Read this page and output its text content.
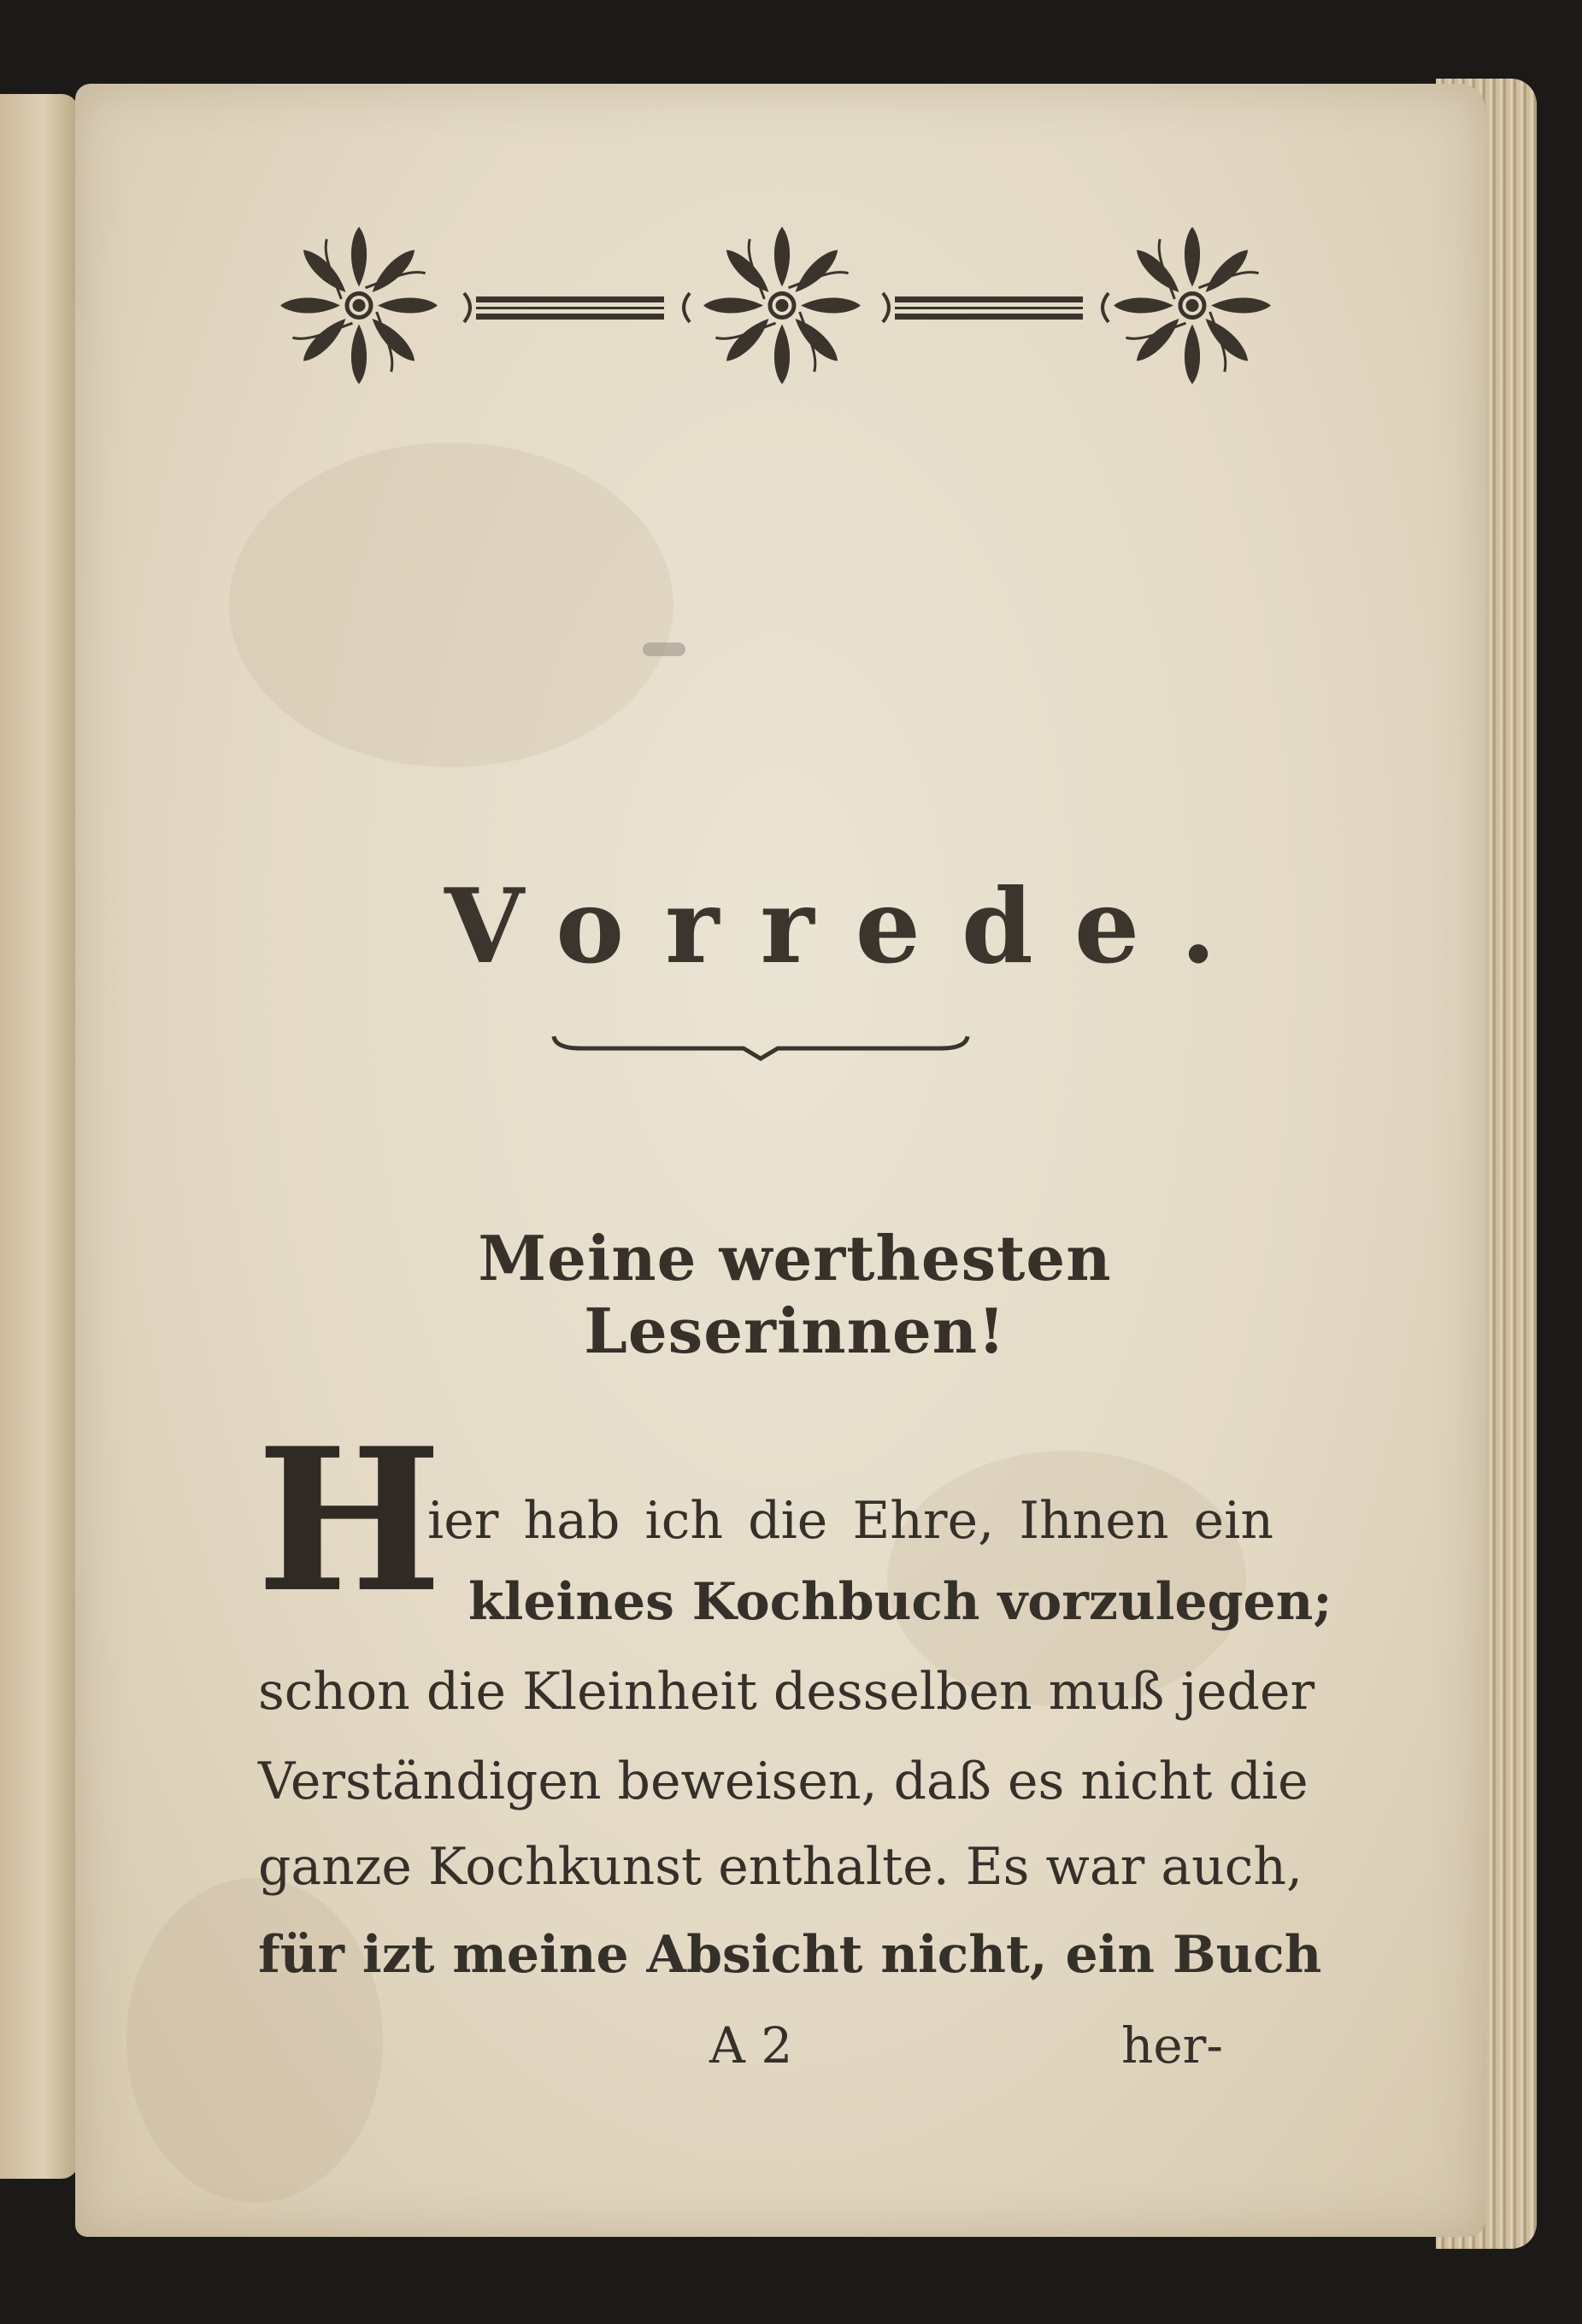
Vorrede.
Meine werthesten Leserinnen!
H
ier hab ich die Ehre, Ihnen ein
kleines Kochbuch vorzulegen;
schon die Kleinheit desselben muß jeder
Verständigen beweisen, daß es nicht die
ganze Kochkunst enthalte. Es war auch,
für izt meine Absicht nicht, ein Buch
A 2	her-
